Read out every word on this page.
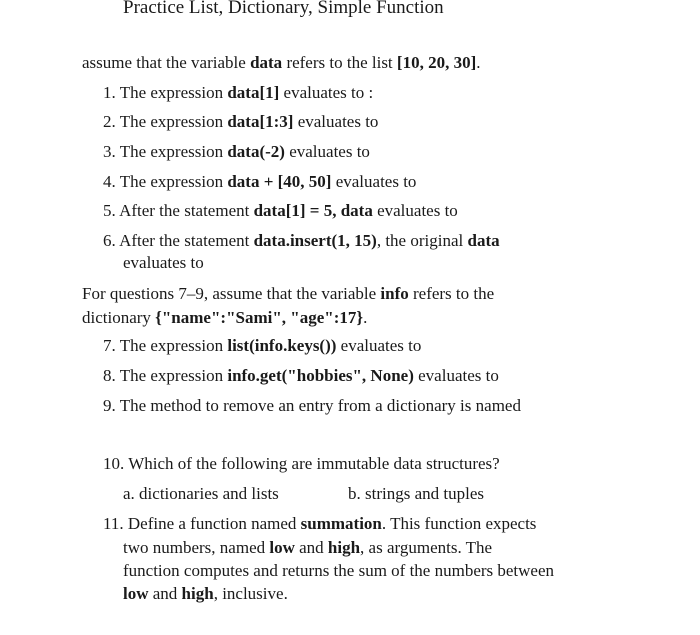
Practice List, Dictionary, Simple Function
assume that the variable data refers to the list [10, 20, 30].
1. The expression data[1] evaluates to :
2. The expression data[1:3] evaluates to
3. The expression data(-2) evaluates to
4. The expression data + [40, 50] evaluates to
5. After the statement data[1] = 5, data evaluates to
6. After the statement data.insert(1, 15), the original data
evaluates to
For questions 7–9, assume that the variable info refers to the
dictionary {"name":"Sami", "age":17}.
7. The expression list(info.keys()) evaluates to
8. The expression info.get("hobbies", None) evaluates to
9. The method to remove an entry from a dictionary is named
10. Which of the following are immutable data structures?
a. dictionaries and lists	b. strings and tuples
11. Define a function named summation. This function expects
two numbers, named low and high, as arguments. The
function computes and returns the sum of the numbers between
low and high, inclusive.
